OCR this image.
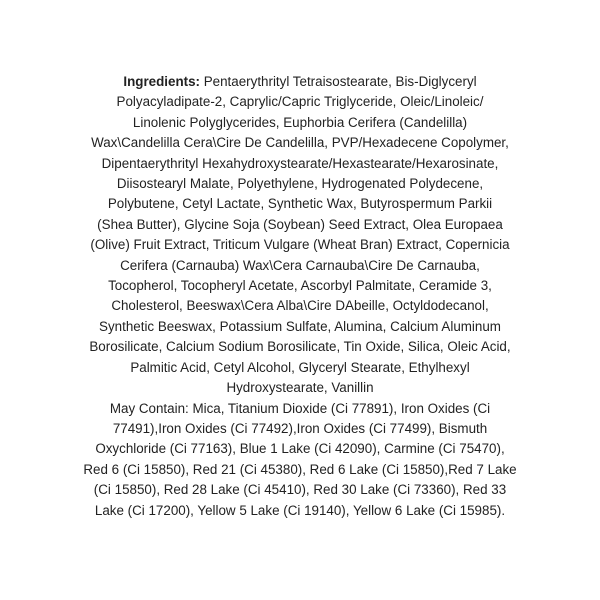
Ingredients: Pentaerythrityl Tetraisostearate, Bis-Diglyceryl
Polyacyladipate-2, Caprylic/Capric Triglyceride, Oleic/Linoleic/
Linolenic Polyglycerides, Euphorbia Cerifera (Candelilla)
Wax\Candelilla Cera\Cire De Candelilla, PVP/Hexadecene Copolymer,
Dipentaerythrityl Hexahydroxystearate/Hexastearate/Hexarosinate,
Diisostearyl Malate, Polyethylene, Hydrogenated Polydecene,
Polybutene, Cetyl Lactate, Synthetic Wax, Butyrospermum Parkii
(Shea Butter), Glycine Soja (Soybean) Seed Extract, Olea Europaea
(Olive) Fruit Extract, Triticum Vulgare (Wheat Bran) Extract, Copernicia
Cerifera (Carnauba) Wax\Cera Carnauba\Cire De Carnauba,
Tocopherol, Tocopheryl Acetate, Ascorbyl Palmitate, Ceramide 3,
Cholesterol, Beeswax\Cera Alba\Cire DAbeille, Octyldodecanol,
Synthetic Beeswax, Potassium Sulfate, Alumina, Calcium Aluminum
Borosilicate, Calcium Sodium Borosilicate, Tin Oxide, Silica, Oleic Acid,
Palmitic Acid, Cetyl Alcohol, Glyceryl Stearate, Ethylhexyl
Hydroxystearate, Vanillin
May Contain: Mica, Titanium Dioxide (Ci 77891), Iron Oxides (Ci
77491),Iron Oxides (Ci 77492),Iron Oxides (Ci 77499), Bismuth
Oxychloride (Ci 77163), Blue 1 Lake (Ci 42090), Carmine (Ci 75470),
Red 6 (Ci 15850), Red 21 (Ci 45380), Red 6 Lake (Ci 15850),Red 7 Lake
(Ci 15850), Red 28 Lake (Ci 45410), Red 30 Lake (Ci 73360), Red 33
Lake (Ci 17200), Yellow 5 Lake (Ci 19140), Yellow 6 Lake (Ci 15985).
